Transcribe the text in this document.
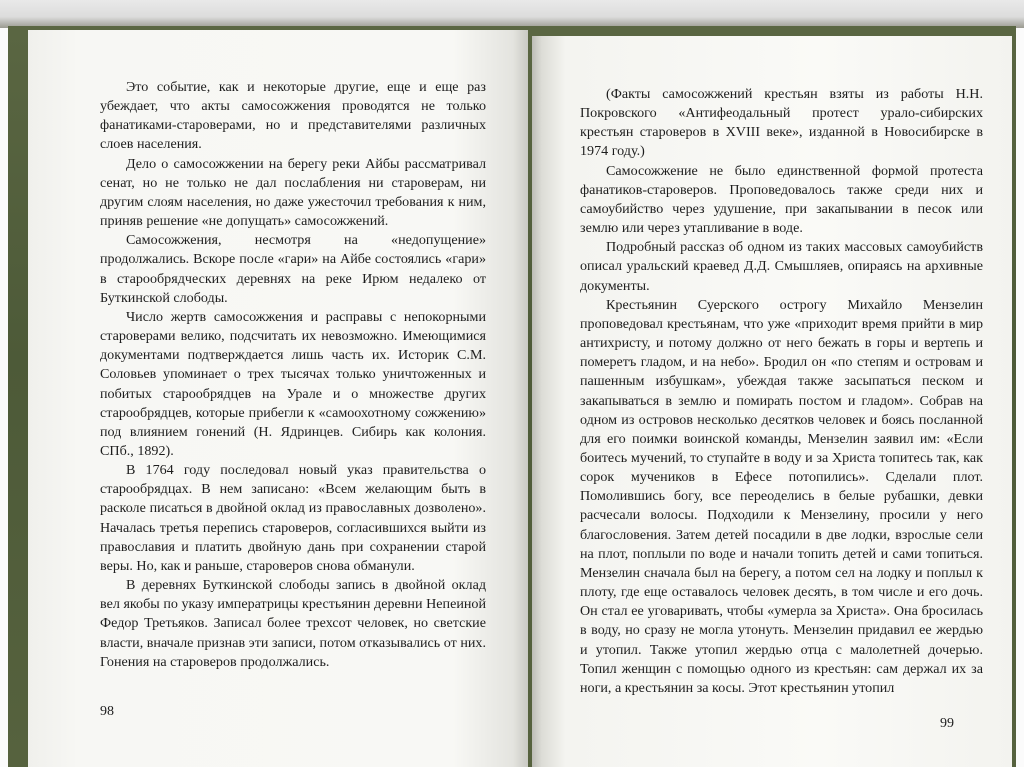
Это событие, как и некоторые другие, еще и еще раз убеждает, что акты самосожжения проводятся не только фанатиками-староверами, но и представителями различных слоев населения.

Дело о самосожжении на берегу реки Айбы рассматривал сенат, но не только не дал послабления ни староверам, ни другим слоям населения, но даже ужесточил требования к ним, приняв решение «не допущать» самосожжений.

Самосожжения, несмотря на «недопущение» продолжались. Вскоре после «гари» на Айбе состоялись «гари» в старообрядческих деревнях на реке Ирюм недалеко от Буткинской слободы.

Число жертв самосожжения и расправы с непокорными староверами велико, подсчитать их невозможно. Имеющимися документами подтверждается лишь часть их. Историк С.М. Соловьев упоминает о трех тысячах только уничтоженных и побитых старообрядцев на Урале и о множестве других старообрядцев, которые прибегли к «самоохотному сожжению» под влиянием гонений (Н. Ядринцев. Сибирь как колония. СПб., 1892).

В 1764 году последовал новый указ правительства о старообрядцах. В нем записано: «Всем желающим быть в расколе писаться в двойной оклад из православных дозволено». Началась третья перепись староверов, согласившихся выйти из православия и платить двойную дань при сохранении старой веры. Но, как и раньше, староверов снова обманули.

В деревнях Буткинской слободы запись в двойной оклад вел якобы по указу императрицы крестьянин деревни Непеиной Федор Третьяков. Записал более трехсот человек, но светские власти, вначале признав эти записи, потом отказывались от них. Гонения на староверов продолжались.

98

(Факты самосожжений крестьян взяты из работы Н.Н. Покровского «Антифеодальный протест урало-сибирских крестьян староверов в XVIII веке», изданной в Новосибирске в 1974 году.)

Самосожжение не было единственной формой протеста фанатиков-староверов. Проповедовалось также среди них и самоубийство через удушение, при закапывании в песок или землю или через утапливание в воде.

Подробный рассказ об одном из таких массовых самоубийств описал уральский краевед Д.Д. Смышляев, опираясь на архивные документы.

Крестьянин Суерского острогу Михайло Мензелин проповедовал крестьянам, что уже «приходит время прийти в мир антихристу, и потому должно от него бежать в горы и вертепь и померетъ гладом, и на небо». Бродил он «по степям и островам и пашенным избушкам», убеждая также засыпаться песком и закапываться в землю и помирать постом и гладом». Собрав на одном из островов несколько десятков человек и боясь посланной для его поимки воинской команды, Мензелин заявил им: «Если боитесь мучений, то ступайте в воду и за Христа топитесь так, как сорок мучеников в Ефесе потопились». Сделали плот. Помолившись богу, все переоделись в белые рубашки, девки расчесали волосы. Подходили к Мензелину, просили у него благословения. Затем детей посадили в две лодки, взрослые сели на плот, поплыли по воде и начали топить детей и сами топиться. Мензелин сначала был на берегу, а потом сел на лодку и поплыл к плоту, где еще оставалось человек десять, в том числе и его дочь. Он стал ее уговаривать, чтобы «умерла за Христа». Она бросилась в воду, но сразу не могла утонуть. Мензелин придавил ее жердью и утопил. Также утопил жердью отца с малолетней дочерью. Топил женщин с помощью одного из крестьян: сам держал их за ноги, а крестьянин за косы. Этот крестьянин утопил

99
